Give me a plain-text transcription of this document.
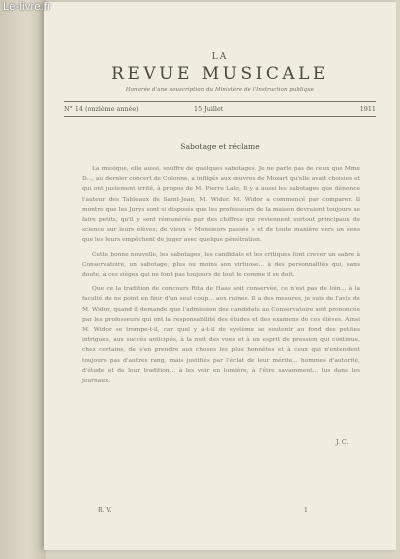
Le-livre.fr
LA
REVUE MUSICALE
Honorée d'une souscription du Ministère de l'Instruction publique
N° 14 (onzième année)	15 Juillet	1911
Sabotage et réclame

La musique, elle aussi, souffre de quelques sabotages. Je ne parle pas de ceux que Mme D..., au dernier concert de Colonne, a infligés aux œuvres de Mozart qu'elle avait choisies et qui ont justement irrité, à propos de M. Pierre Lalo, Il y a aussi les sabotages que dénonce l'auteur des Tableaux de Saint-Jean, M. Widor. M. Widor a commencé par comparer. Il montre que les Jurys sont si disposés que les professeurs de la maison devraient toujours se faire petits, qu'il y sont rémunérés par des chiffres qui reviennent surtout principaux de science sur leurs élèves; de vieux « Monsieurs passés » et de toute manière vers un sens que les leurs empêchent de juger avec quelque pénétration.

Cette bonne nouvelle, les sabotages, les candidats et les critiques font crever un sabre à Conservatoire, un sabotage, plus ou moins son virtuose... à des personnalités qui, sans doute, à ces sièges qui ne font pas toujours de tout le comme il se doit.

Que ce la tradition de concours Rita de Haas soit conservée, ce n'est pas de loin... à la faculté de ne point en finir d'un seul coup... aux ruines. Il a des mesures, je suis de l'avis de M. Widor, quand il demande que l'admission des candidats au Conservatoire soit prononcée par les professeurs qui ont la responsabilité des études et des examens de ces élèves. Ainsi M. Widor se trompe-t-il, car quel y a-t-il de système se soutenir au fond des petites intrigues, aux succès anticipés, à la nuit des vues et à un esprit de pression qui continue, chez certains, de s'en prendre aux choses les plus honnêtes et à ceux qui n'entendent toujours pas d'autres rang, mais justifiés par l'éclat de leur mérite... hommes d'autorité, d'étude et de leur tradition... à les voir en lumière, à l'être savamment... lus dans les journaux.

J. C.
R. V.	1
